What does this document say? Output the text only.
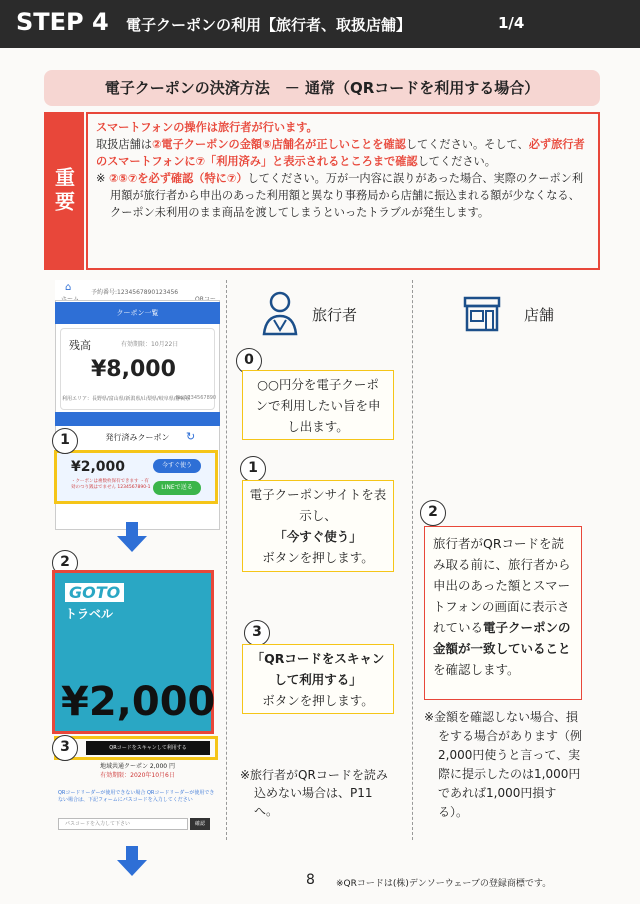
STEP 4 電子クーポンの利用【旅行者、取扱店舗】	1/4
電子クーポンの決済方法　－ 通常（QRコードを利用する場合）
重要
スマートフォンの操作は旅行者が行います。
取扱店舗は②電子クーポンの金額⑤店舗名が正しいことを確認してください。そして、必ず旅行者のスマートフォンに⑦「利用済み」と表示されるところまで確認してください。
※ ②⑤⑦を必ず確認（特に⑦）してください。万が一内容に誤りがあった場合、実際のクーポン利用額が旅行者から申出のあった利用額と異なり事務局から店舗に振込まれる額が少なくなる、クーポン未利用のまま商品を渡してしまうといったトラブルが発生します。
旅行者	店舗
⌂	予約番号:1234567890123456
クーポン一覧
残高	有効期限：10月22日
¥8,000
No.1234567890
利用エリア：長野県/富山県/新潟県/山梨県/岐阜県/静岡県
発行済みクーポン	↻
¥2,000
・クーポンは複数枚保有できます ・有効のつり銭はでません 1234567890-1
今すぐ使う
LINEで送る
1
2
GOTO
トラベル
¥2,000
QRコードをスキャンして利用する
3
地域共通クーポン 2,000 円
有効期限：2020年10月6日
QRコードリーダーが使用できない場合 QRコードリーダーが使用できない場合は、下記フォームにパスコードを入力してください
パスコードを入力して下さい	確認
0
○○円分を電子クーポンで利用したい旨を申し出ます。
1
電子クーポンサイトを表示し、
「今すぐ使う」
ボタンを押します。
3
「QRコードをスキャンして利用する」
ボタンを押します。
※旅行者がQRコードを読み込めない場合は、P11へ。
2
旅行者がQRコードを読み取る前に、旅行者から申出のあった額とスマートフォンの画面に表示されている電子クーポンの金額が一致していることを確認します。
※金額を確認しない場合、損をする場合があります（例 2,000円使うと言って、実際に提示したのは1,000円であれば1,000円損する）。
8 ※QRコードは(株)デンソーウェーブの登録商標です。
